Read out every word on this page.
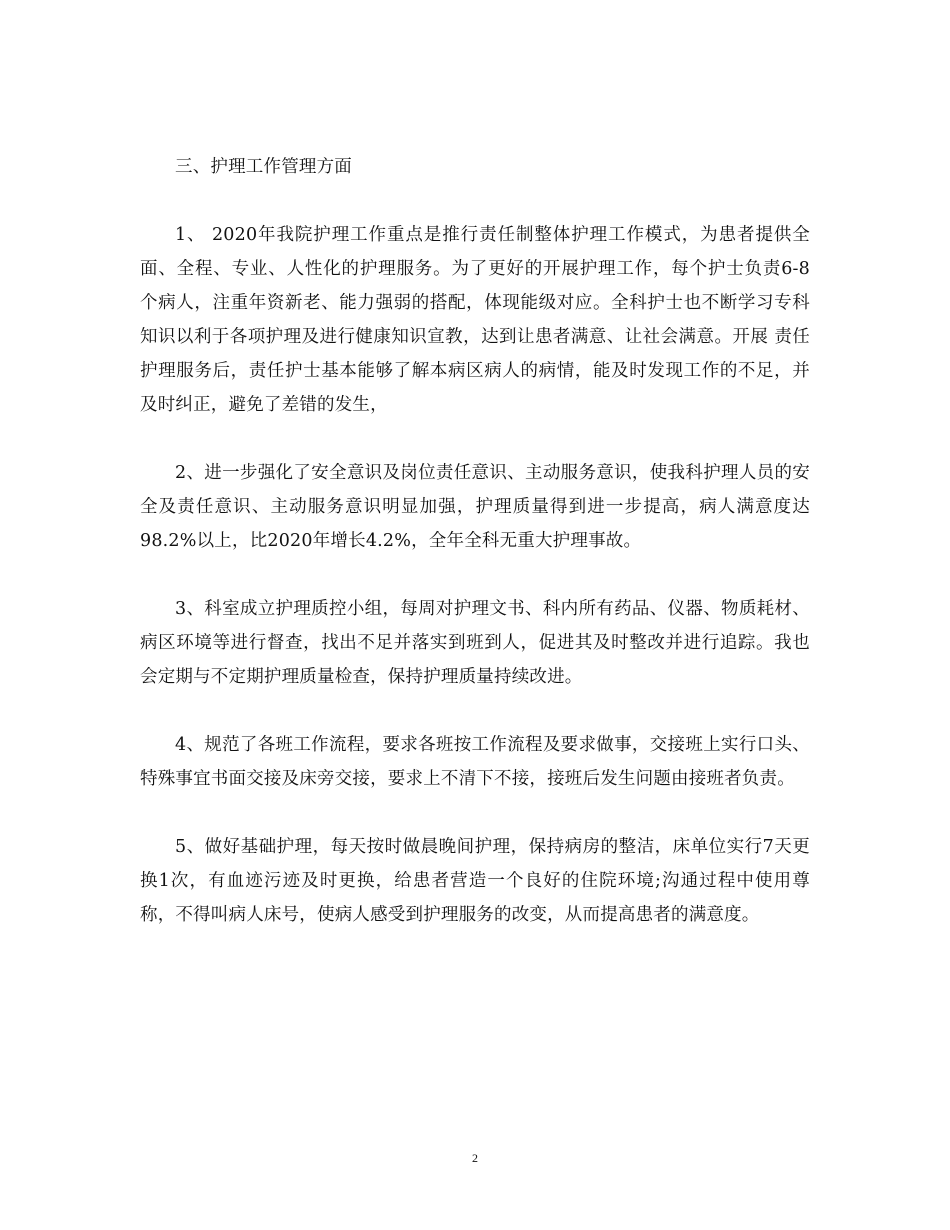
三、护理工作管理方面

1、 2020年我院护理工作重点是推行责任制整体护理工作模式，为患者提供全面、全程、专业、人性化的护理服务。为了更好的开展护理工作，每个护士负责6-8 个病人，注重年资新老、能力强弱的搭配，体现能级对应。全科护士也不断学习专科知识以利于各项护理及进行健康知识宣教，达到让患者满意、让社会满意。开展 责任护理服务后，责任护士基本能够了解本病区病人的病情，能及时发现工作的不足，并及时纠正，避免了差错的发生，

2、进一步强化了安全意识及岗位责任意识、主动服务意识，使我科护理人员的安全及责任意识、主动服务意识明显加强，护理质量得到进一步提高，病人满意度达98.2%以上，比2020年增长4.2%，全年全科无重大护理事故。

3、科室成立护理质控小组，每周对护理文书、科内所有药品、仪器、物质耗材、病区环境等进行督查，找出不足并落实到班到人，促进其及时整改并进行追踪。我也会定期与不定期护理质量检查，保持护理质量持续改进。

4、规范了各班工作流程，要求各班按工作流程及要求做事，交接班上实行口头、特殊事宜书面交接及床旁交接，要求上不清下不接，接班后发生问题由接班者负责。

5、做好基础护理，每天按时做晨晚间护理，保持病房的整洁，床单位实行7天更换1次，有血迹污迹及时更换，给患者营造一个良好的住院环境;沟通过程中使用尊称，不得叫病人床号，使病人感受到护理服务的改变，从而提高患者的满意度。

2
